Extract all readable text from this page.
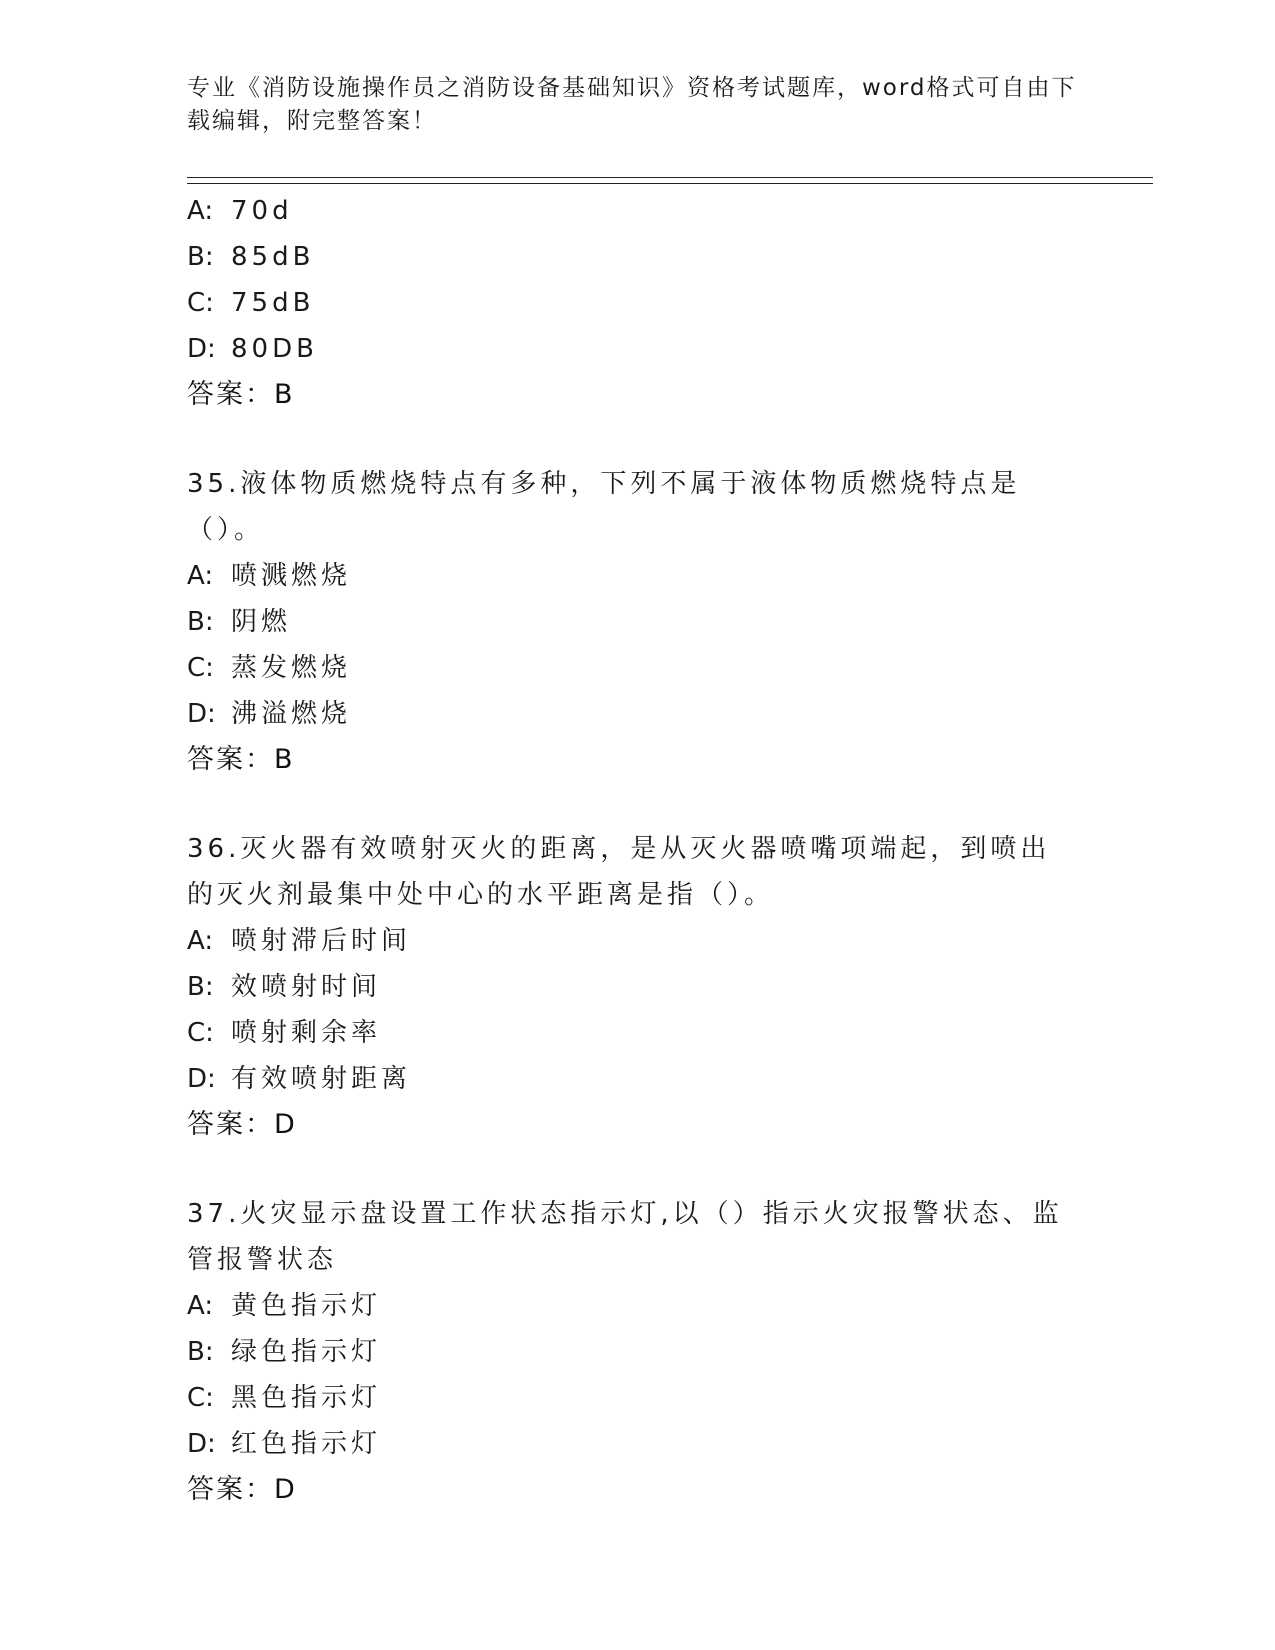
专业《消防设施操作员之消防设备基础知识》资格考试题库，word格式可自由下载编辑，附完整答案！
A: 70d
B: 85dB
C: 75dB
D: 80DB
答案：B
35.液体物质燃烧特点有多种，下列不属于液体物质燃烧特点是（）。
A: 喷溅燃烧
B: 阴燃
C: 蒸发燃烧
D: 沸溢燃烧
答案：B
36.灭火器有效喷射灭火的距离，是从灭火器喷嘴项端起，到喷出的灭火剂最集中处中心的水平距离是指（）。
A: 喷射滞后时间
B: 效喷射时间
C: 喷射剩余率
D: 有效喷射距离
答案：D
37.火灾显示盘设置工作状态指示灯,以（）指示火灾报警状态、监管报警状态
A: 黄色指示灯
B: 绿色指示灯
C: 黑色指示灯
D: 红色指示灯
答案：D
